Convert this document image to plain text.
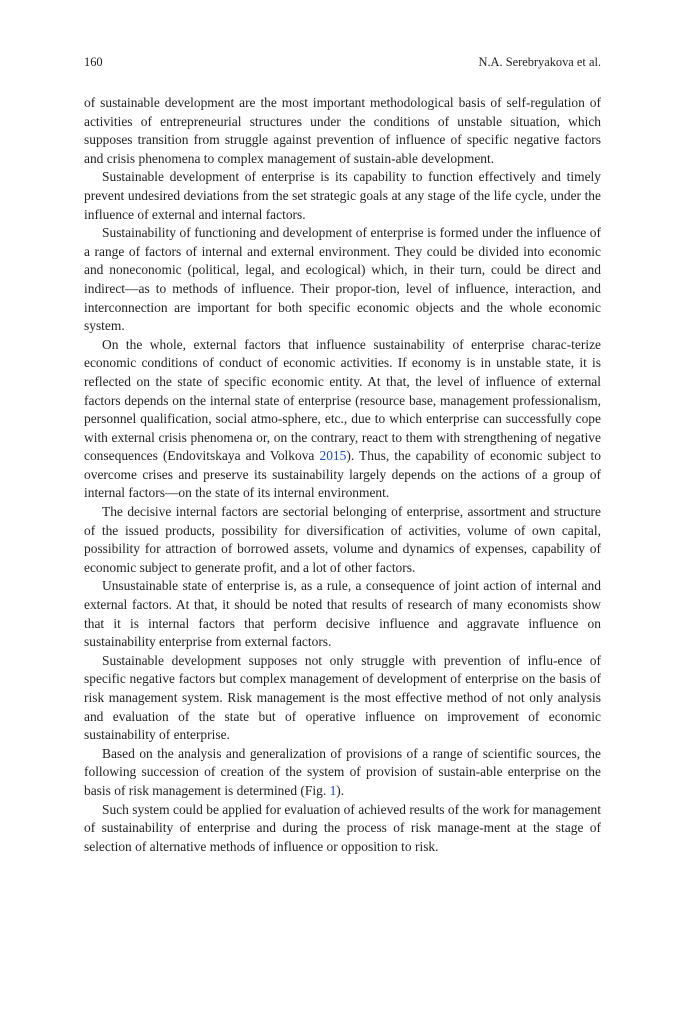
160	N.A. Serebryakova et al.

of sustainable development are the most important methodological basis of self-regulation of activities of entrepreneurial structures under the conditions of unstable situation, which supposes transition from struggle against prevention of influence of specific negative factors and crisis phenomena to complex management of sustain-able development.

Sustainable development of enterprise is its capability to function effectively and timely prevent undesired deviations from the set strategic goals at any stage of the life cycle, under the influence of external and internal factors.

Sustainability of functioning and development of enterprise is formed under the influence of a range of factors of internal and external environment. They could be divided into economic and noneconomic (political, legal, and ecological) which, in their turn, could be direct and indirect—as to methods of influence. Their propor-tion, level of influence, interaction, and interconnection are important for both specific economic objects and the whole economic system.

On the whole, external factors that influence sustainability of enterprise charac-terize economic conditions of conduct of economic activities. If economy is in unstable state, it is reflected on the state of specific economic entity. At that, the level of influence of external factors depends on the internal state of enterprise (resource base, management professionalism, personnel qualification, social atmo-sphere, etc., due to which enterprise can successfully cope with external crisis phenomena or, on the contrary, react to them with strengthening of negative consequences (Endovitskaya and Volkova 2015). Thus, the capability of economic subject to overcome crises and preserve its sustainability largely depends on the actions of a group of internal factors—on the state of its internal environment.

The decisive internal factors are sectorial belonging of enterprise, assortment and structure of the issued products, possibility for diversification of activities, volume of own capital, possibility for attraction of borrowed assets, volume and dynamics of expenses, capability of economic subject to generate profit, and a lot of other factors.

Unsustainable state of enterprise is, as a rule, a consequence of joint action of internal and external factors. At that, it should be noted that results of research of many economists show that it is internal factors that perform decisive influence and aggravate influence on sustainability enterprise from external factors.

Sustainable development supposes not only struggle with prevention of influ-ence of specific negative factors but complex management of development of enterprise on the basis of risk management system. Risk management is the most effective method of not only analysis and evaluation of the state but of operative influence on improvement of economic sustainability of enterprise.

Based on the analysis and generalization of provisions of a range of scientific sources, the following succession of creation of the system of provision of sustain-able enterprise on the basis of risk management is determined (Fig. 1).

Such system could be applied for evaluation of achieved results of the work for management of sustainability of enterprise and during the process of risk manage-ment at the stage of selection of alternative methods of influence or opposition to risk.
